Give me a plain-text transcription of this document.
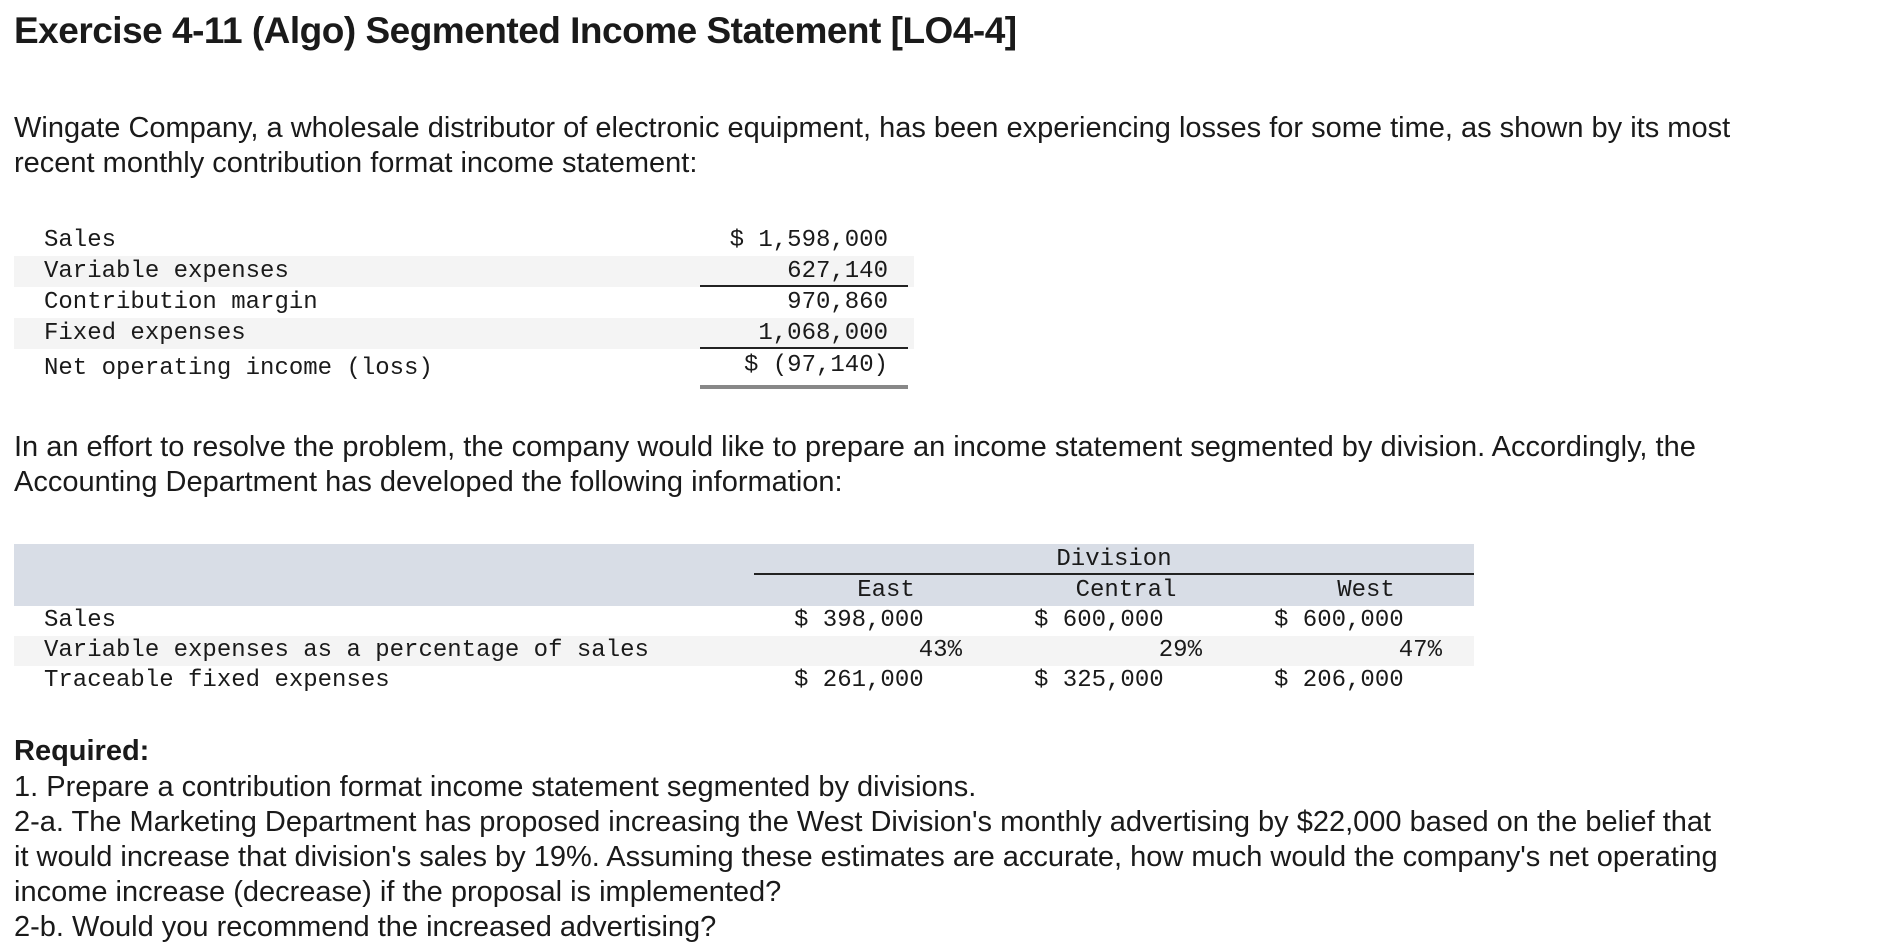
Exercise 4-11 (Algo) Segmented Income Statement [LO4-4]

Wingate Company, a wholesale distributor of electronic equipment, has been experiencing losses for some time, as shown by its most
recent monthly contribution format income statement:

Sales	$ 1,598,000
Variable expenses	627,140
Contribution margin	970,860
Fixed expenses	1,068,000
Net operating income (loss)	$ (97,140)

In an effort to resolve the problem, the company would like to prepare an income statement segmented by division. Accordingly, the
Accounting Department has developed the following information:

Division
East	Central	West
Sales	$ 398,000	$ 600,000	$ 600,000
Variable expenses as a percentage of sales	43%	29%	47%
Traceable fixed expenses	$ 261,000	$ 325,000	$ 206,000
Required:
1. Prepare a contribution format income statement segmented by divisions.
2-a. The Marketing Department has proposed increasing the West Division's monthly advertising by $22,000 based on the belief that
it would increase that division's sales by 19%. Assuming these estimates are accurate, how much would the company's net operating
income increase (decrease) if the proposal is implemented?
2-b. Would you recommend the increased advertising?
